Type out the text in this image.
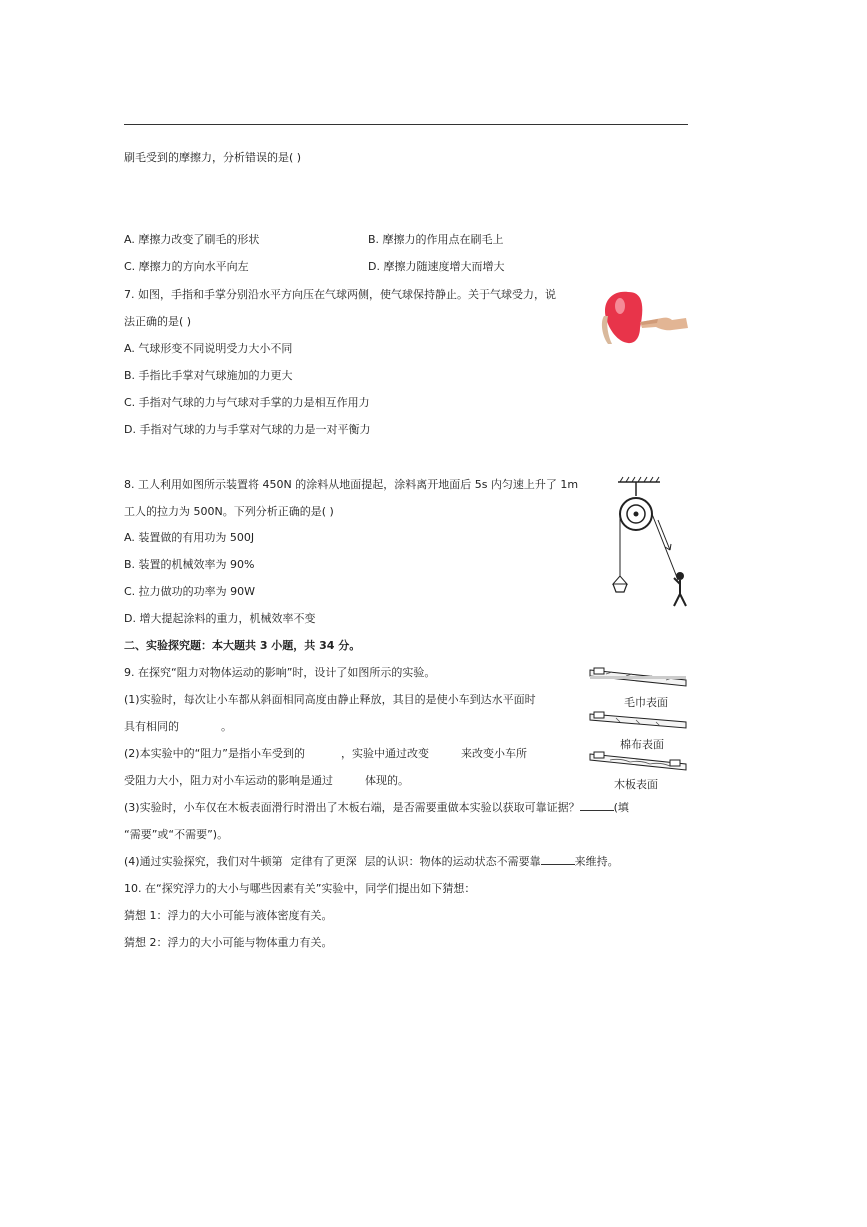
刷毛受到的摩擦力，分析错误的是( )
A. 摩擦力改变了刷毛的形状	B. 摩擦力的作用点在刷毛上
C. 摩擦力的方向水平向左	D. 摩擦力随速度增大而增大
7. 如图，手指和手掌分别沿水平方向压在气球两侧，使气球保持静止。关于气球受力，说
法正确的是( )
A. 气球形变不同说明受力大小不同
B. 手指比手掌对气球施加的力更大
C. 手指对气球的力与气球对手掌的力是相互作用力
D. 手指对气球的力与手掌对气球的力是一对平衡力
8. 工人利用如图所示装置将 450N 的涂料从地面提起，涂料离开地面后 5s 内匀速上升了 1m
工人的拉力为 500N。下列分析正确的是( )
A. 装置做的有用功为 500J
B. 装置的机械效率为 90%
C. 拉力做功的功率为 90W
D. 增大提起涂料的重力，机械效率不变
二、实验探究题：本大题共 3 小题，共 34 分。
9. 在探究“阻力对物体运动的影响”时，设计了如图所示的实验。
(1)实验时，每次让小车都从斜面相同高度由静止释放，其目的是使小车到达水平面时
具有相同的	。
(2)本实验中的“阻力”是指小车受到的	，实验中通过改变	来改变小车所
受阻力大小，阻力对小车运动的影响是通过	体现的。
(3)实验时，小车仅在木板表面滑行时滑出了木板右端，是否需要重做本实验以获取可靠证据？	(填
“需要”或“不需要”)。
(4)通过实验探究，我们对牛顿第 定律有了更深 层的认识：物体的运动状态不需要靠	来维持。
毛巾表面
棉布表面
木板表面
10. 在“探究浮力的大小与哪些因素有关”实验中，同学们提出如下猜想：
猜想 1：浮力的大小可能与液体密度有关。
猜想 2：浮力的大小可能与物体重力有关。
